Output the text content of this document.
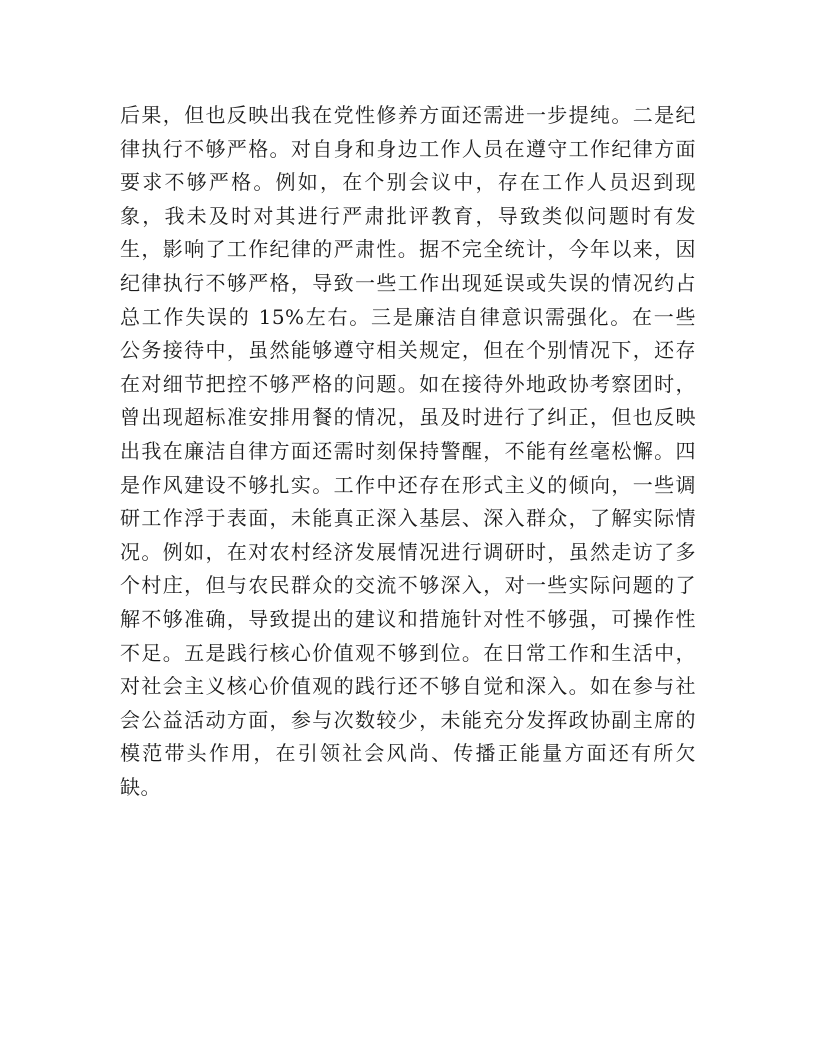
后果，但也反映出我在党性修养方面还需进一步提纯。二是纪
律执行不够严格。对自身和身边工作人员在遵守工作纪律方面
要求不够严格。例如，在个别会议中，存在工作人员迟到现
象，我未及时对其进行严肃批评教育，导致类似问题时有发
生，影响了工作纪律的严肃性。据不完全统计，今年以来，因
纪律执行不够严格，导致一些工作出现延误或失误的情况约占
总工作失误的 15%左右。三是廉洁自律意识需强化。在一些
公务接待中，虽然能够遵守相关规定，但在个别情况下，还存
在对细节把控不够严格的问题。如在接待外地政协考察团时，
曾出现超标准安排用餐的情况，虽及时进行了纠正，但也反映
出我在廉洁自律方面还需时刻保持警醒，不能有丝毫松懈。四
是作风建设不够扎实。工作中还存在形式主义的倾向，一些调
研工作浮于表面，未能真正深入基层、深入群众，了解实际情
况。例如，在对农村经济发展情况进行调研时，虽然走访了多
个村庄，但与农民群众的交流不够深入，对一些实际问题的了
解不够准确，导致提出的建议和措施针对性不够强，可操作性
不足。五是践行核心价值观不够到位。在日常工作和生活中，
对社会主义核心价值观的践行还不够自觉和深入。如在参与社
会公益活动方面，参与次数较少，未能充分发挥政协副主席的
模范带头作用，在引领社会风尚、传播正能量方面还有所欠
缺。
